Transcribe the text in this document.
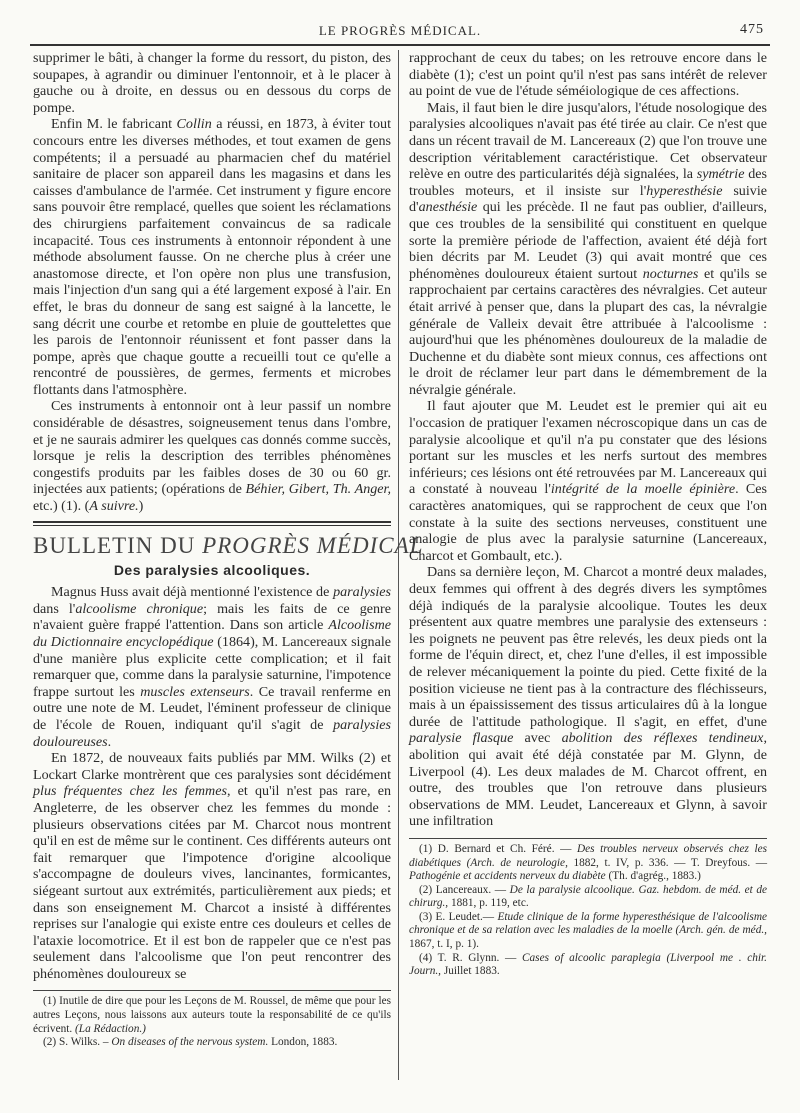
LE PROGRÈS MÉDICAL.	475

supprimer le bâti, à changer la forme du ressort, du piston, des soupapes, à agrandir ou diminuer l'entonnoir, et à le placer à gauche ou à droite, en dessus ou en dessous du corps de pompe.

Enfin M. le fabricant Collin a réussi, en 1873, à éviter tout concours entre les diverses méthodes, et tout examen de gens compétents; il a persuadé au pharmacien chef du matériel sanitaire de placer son appareil dans les magasins et dans les caisses d'ambulance de l'armée. Cet instrument y figure encore sans pouvoir être remplacé, quelles que soient les réclamations des chirurgiens parfaitement convaincus de sa radicale incapacité. Tous ces instruments à entonnoir répondent à une méthode absolument fausse. On ne cherche plus à créer une anastomose directe, et l'on opère non plus une transfusion, mais l'injection d'un sang qui a été largement exposé à l'air. En effet, le bras du donneur de sang est saigné à la lancette, le sang décrit une courbe et retombe en pluie de gouttelettes que les parois de l'entonnoir réunissent et font passer dans la pompe, après que chaque goutte a recueilli tout ce qu'elle a rencontré de poussières, de germes, ferments et microbes flottants dans l'atmosphère.

Ces instruments à entonnoir ont à leur passif un nombre considérable de désastres, soigneusement tenus dans l'ombre, et je ne saurais admirer les quelques cas donnés comme succès, lorsque je relis la description des terribles phénomènes congestifs produits par les faibles doses de 30 ou 60 gr. injectées aux patients; (opérations de Béhier, Gibert, Th. Anger, etc.) (1). (A suivre.)

BULLETIN DU PROGRÈS MÉDICAL
Des paralysies alcooliques.

Magnus Huss avait déjà mentionné l'existence de paralysies dans l'alcoolisme chronique; mais les faits de ce genre n'avaient guère frappé l'attention. Dans son article Alcoolisme du Dictionnaire encyclopédique (1864), M. Lancereaux signale d'une manière plus explicite cette complication; et il fait remarquer que, comme dans la paralysie saturnine, l'impotence frappe surtout les muscles extenseurs. Ce travail renferme en outre une note de M. Leudet, l'éminent professeur de clinique de l'école de Rouen, indiquant qu'il s'agit de paralysies douloureuses.

En 1872, de nouveaux faits publiés par MM. Wilks (2) et Lockart Clarke montrèrent que ces paralysies sont décidément plus fréquentes chez les femmes, et qu'il n'est pas rare, en Angleterre, de les observer chez les femmes du monde : plusieurs observations citées par M. Charcot nous montrent qu'il en est de même sur le continent. Ces différents auteurs ont fait remarquer que l'impotence d'origine alcoolique s'accompagne de douleurs vives, lancinantes, formicantes, siégeant surtout aux extrémités, particulièrement aux pieds; et dans son enseignement M. Charcot a insisté à différentes reprises sur l'analogie qui existe entre ces douleurs et celles de l'ataxie locomotrice. Et il est bon de rappeler que ce n'est pas seulement dans l'alcoolisme que l'on peut rencontrer des phénomènes douloureux se

(1) Inutile de dire que pour les Leçons de M. Roussel, de même que pour les autres Leçons, nous laissons aux auteurs toute la responsabilité de ce qu'ils écrivent. (La Rédaction.)

(2) S. Wilks. – On diseases of the nervous system. London, 1883.

rapprochant de ceux du tabes; on les retrouve encore dans le diabète (1); c'est un point qu'il n'est pas sans intérêt de relever au point de vue de l'étude séméiologique de ces affections.

Mais, il faut bien le dire jusqu'alors, l'étude nosologique des paralysies alcooliques n'avait pas été tirée au clair. Ce n'est que dans un récent travail de M. Lancereaux (2) que l'on trouve une description véritablement caractéristique. Cet observateur relève en outre des particularités déjà signalées, la symétrie des troubles moteurs, et il insiste sur l'hyperesthésie suivie d'anesthésie qui les précède. Il ne faut pas oublier, d'ailleurs, que ces troubles de la sensibilité qui constituent en quelque sorte la première période de l'affection, avaient été déjà fort bien décrits par M. Leudet (3) qui avait montré que ces phénomènes douloureux étaient surtout nocturnes et qu'ils se rapprochaient par certains caractères des névralgies. Cet auteur était arrivé à penser que, dans la plupart des cas, la névralgie générale de Valleix devait être attribuée à l'alcoolisme : aujourd'hui que les phénomènes douloureux de la maladie de Duchenne et du diabète sont mieux connus, ces affections ont le droit de réclamer leur part dans le démembrement de la névralgie générale.

Il faut ajouter que M. Leudet est le premier qui ait eu l'occasion de pratiquer l'examen nécroscopique dans un cas de paralysie alcoolique et qu'il n'a pu constater que des lésions portant sur les muscles et les nerfs surtout des membres inférieurs; ces lésions ont été retrouvées par M. Lancereaux qui a constaté à nouveau l'intégrité de la moelle épinière. Ces caractères anatomiques, qui se rapprochent de ceux que l'on constate à la suite des sections nerveuses, constituent une analogie de plus avec la paralysie saturnine (Lancereaux, Charcot et Gombault, etc.).

Dans sa dernière leçon, M. Charcot a montré deux malades, deux femmes qui offrent à des degrés divers les symptômes déjà indiqués de la paralysie alcoolique. Toutes les deux présentent aux quatre membres une paralysie des extenseurs : les poignets ne peuvent pas être relevés, les deux pieds ont la forme de l'équin direct, et, chez l'une d'elles, il est impossible de relever mécaniquement la pointe du pied. Cette fixité de la position vicieuse ne tient pas à la contracture des fléchisseurs, mais à un épaississement des tissus articulaires dû à la longue durée de l'attitude pathologique. Il s'agit, en effet, d'une paralysie flasque avec abolition des réflexes tendineux, abolition qui avait été déjà constatée par M. Glynn, de Liverpool (4). Les deux malades de M. Charcot offrent, en outre, des troubles que l'on retrouve dans plusieurs observations de MM. Leudet, Lancereaux et Glynn, à savoir une infiltration

(1) D. Bernard et Ch. Féré. — Des troubles nerveux observés chez les diabétiques (Arch. de neurologie, 1882, t. IV, p. 336. — T. Dreyfous. — Pathogénie et accidents nerveux du diabète (Th. d'agrég., 1883.)

(2) Lancereaux. — De la paralysie alcoolique. Gaz. hebdom. de méd. et de chirurg., 1881, p. 119, etc.

(3) E. Leudet.— Etude clinique de la forme hyperesthésique de l'alcoolisme chronique et de sa relation avec les maladies de la moelle (Arch. gén. de méd., 1867, t. I, p. 1).

(4) T. R. Glynn. — Cases of alcoolic paraplegia (Liverpool me . chir. Journ., Juillet 1883.
